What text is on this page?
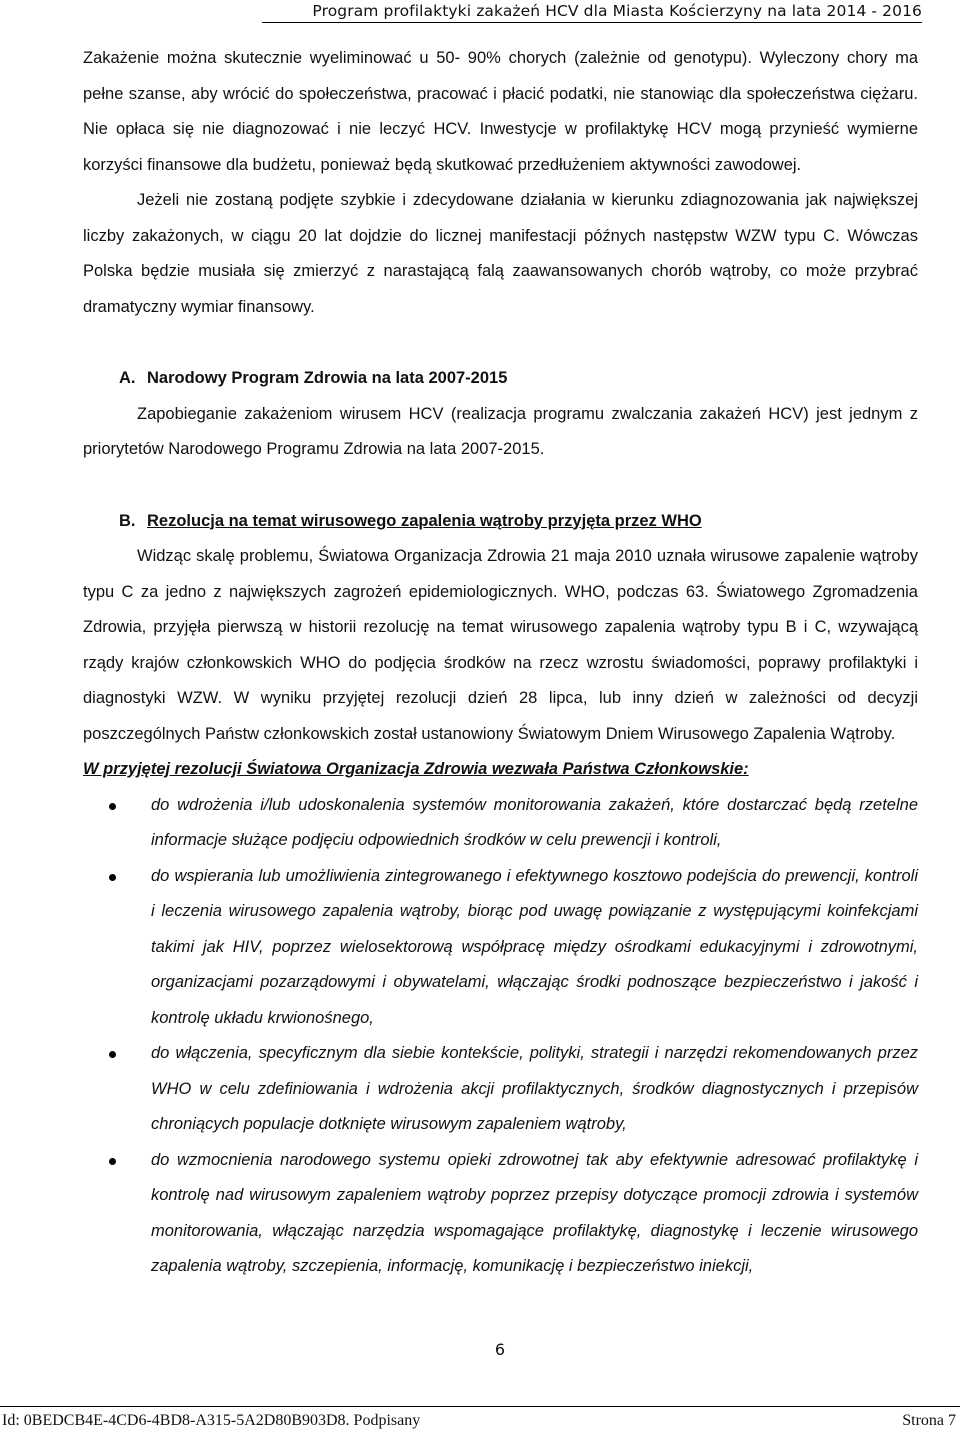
Program profilaktyki zakażeń HCV dla Miasta Kościerzyny na lata 2014 - 2016

Zakażenie można skutecznie wyeliminować u 50- 90% chorych (zależnie od genotypu). Wyleczony chory ma pełne szanse, aby wrócić do społeczeństwa, pracować i płacić podatki, nie stanowiąc dla społeczeństwa ciężaru. Nie opłaca się nie diagnozować i nie leczyć HCV. Inwestycje w profilaktykę HCV mogą przynieść wymierne korzyści finansowe dla budżetu, ponieważ będą skutkować przedłużeniem aktywności zawodowej.

Jeżeli nie zostaną podjęte szybkie i zdecydowane działania w kierunku zdiagnozowania jak największej liczby zakażonych, w ciągu 20 lat dojdzie do licznej manifestacji późnych następstw WZW typu C. Wówczas Polska będzie musiała się zmierzyć z narastającą falą zaawansowanych chorób wątroby, co może przybrać dramatyczny wymiar finansowy.

A. Narodowy Program Zdrowia na lata 2007-2015

Zapobieganie zakażeniom wirusem HCV (realizacja programu zwalczania zakażeń HCV) jest jednym z priorytetów Narodowego Programu Zdrowia na lata 2007-2015.

B. Rezolucja na temat wirusowego zapalenia wątroby przyjęta przez WHO

Widząc skalę problemu, Światowa Organizacja Zdrowia 21 maja 2010 uznała wirusowe zapalenie wątroby typu C za jedno z największych zagrożeń epidemiologicznych. WHO, podczas 63. Światowego Zgromadzenia Zdrowia, przyjęła pierwszą w historii rezolucję na temat wirusowego zapalenia wątroby typu B i C, wzywającą rządy krajów członkowskich WHO do podjęcia środków na rzecz wzrostu świadomości, poprawy profilaktyki i diagnostyki WZW. W wyniku przyjętej rezolucji dzień 28 lipca, lub inny dzień w zależności od decyzji poszczególnych Państw członkowskich został ustanowiony Światowym Dniem Wirusowego Zapalenia Wątroby.

W przyjętej rezolucji Światowa Organizacja Zdrowia wezwała Państwa Członkowskie:

do wdrożenia i/lub udoskonalenia systemów monitorowania zakażeń, które dostarczać będą rzetelne informacje służące podjęciu odpowiednich środków w celu prewencji i kontroli,
do wspierania lub umożliwienia zintegrowanego i efektywnego kosztowo podejścia do prewencji, kontroli i leczenia wirusowego zapalenia wątroby, biorąc pod uwagę powiązanie z występującymi koinfekcjami takimi jak HIV, poprzez wielosektorową współpracę między ośrodkami edukacyjnymi i zdrowotnymi, organizacjami pozarządowymi i obywatelami, włączając środki podnoszące bezpieczeństwo i jakość i kontrolę układu krwionośnego,
do włączenia, specyficznym dla siebie kontekście, polityki, strategii i narzędzi rekomendowanych przez WHO w celu zdefiniowania i wdrożenia akcji profilaktycznych, środków diagnostycznych i przepisów chroniących populacje dotknięte wirusowym zapaleniem wątroby,
do wzmocnienia narodowego systemu opieki zdrowotnej tak aby efektywnie adresować profilaktykę i kontrolę nad wirusowym zapaleniem wątroby poprzez przepisy dotyczące promocji zdrowia i systemów monitorowania, włączając narzędzia wspomagające profilaktykę, diagnostykę i leczenie wirusowego zapalenia wątroby, szczepienia, informację, komunikację i bezpieczeństwo iniekcji,
6
Id: 0BEDCB4E-4CD6-4BD8-A315-5A2D80B903D8. Podpisany	Strona 7
